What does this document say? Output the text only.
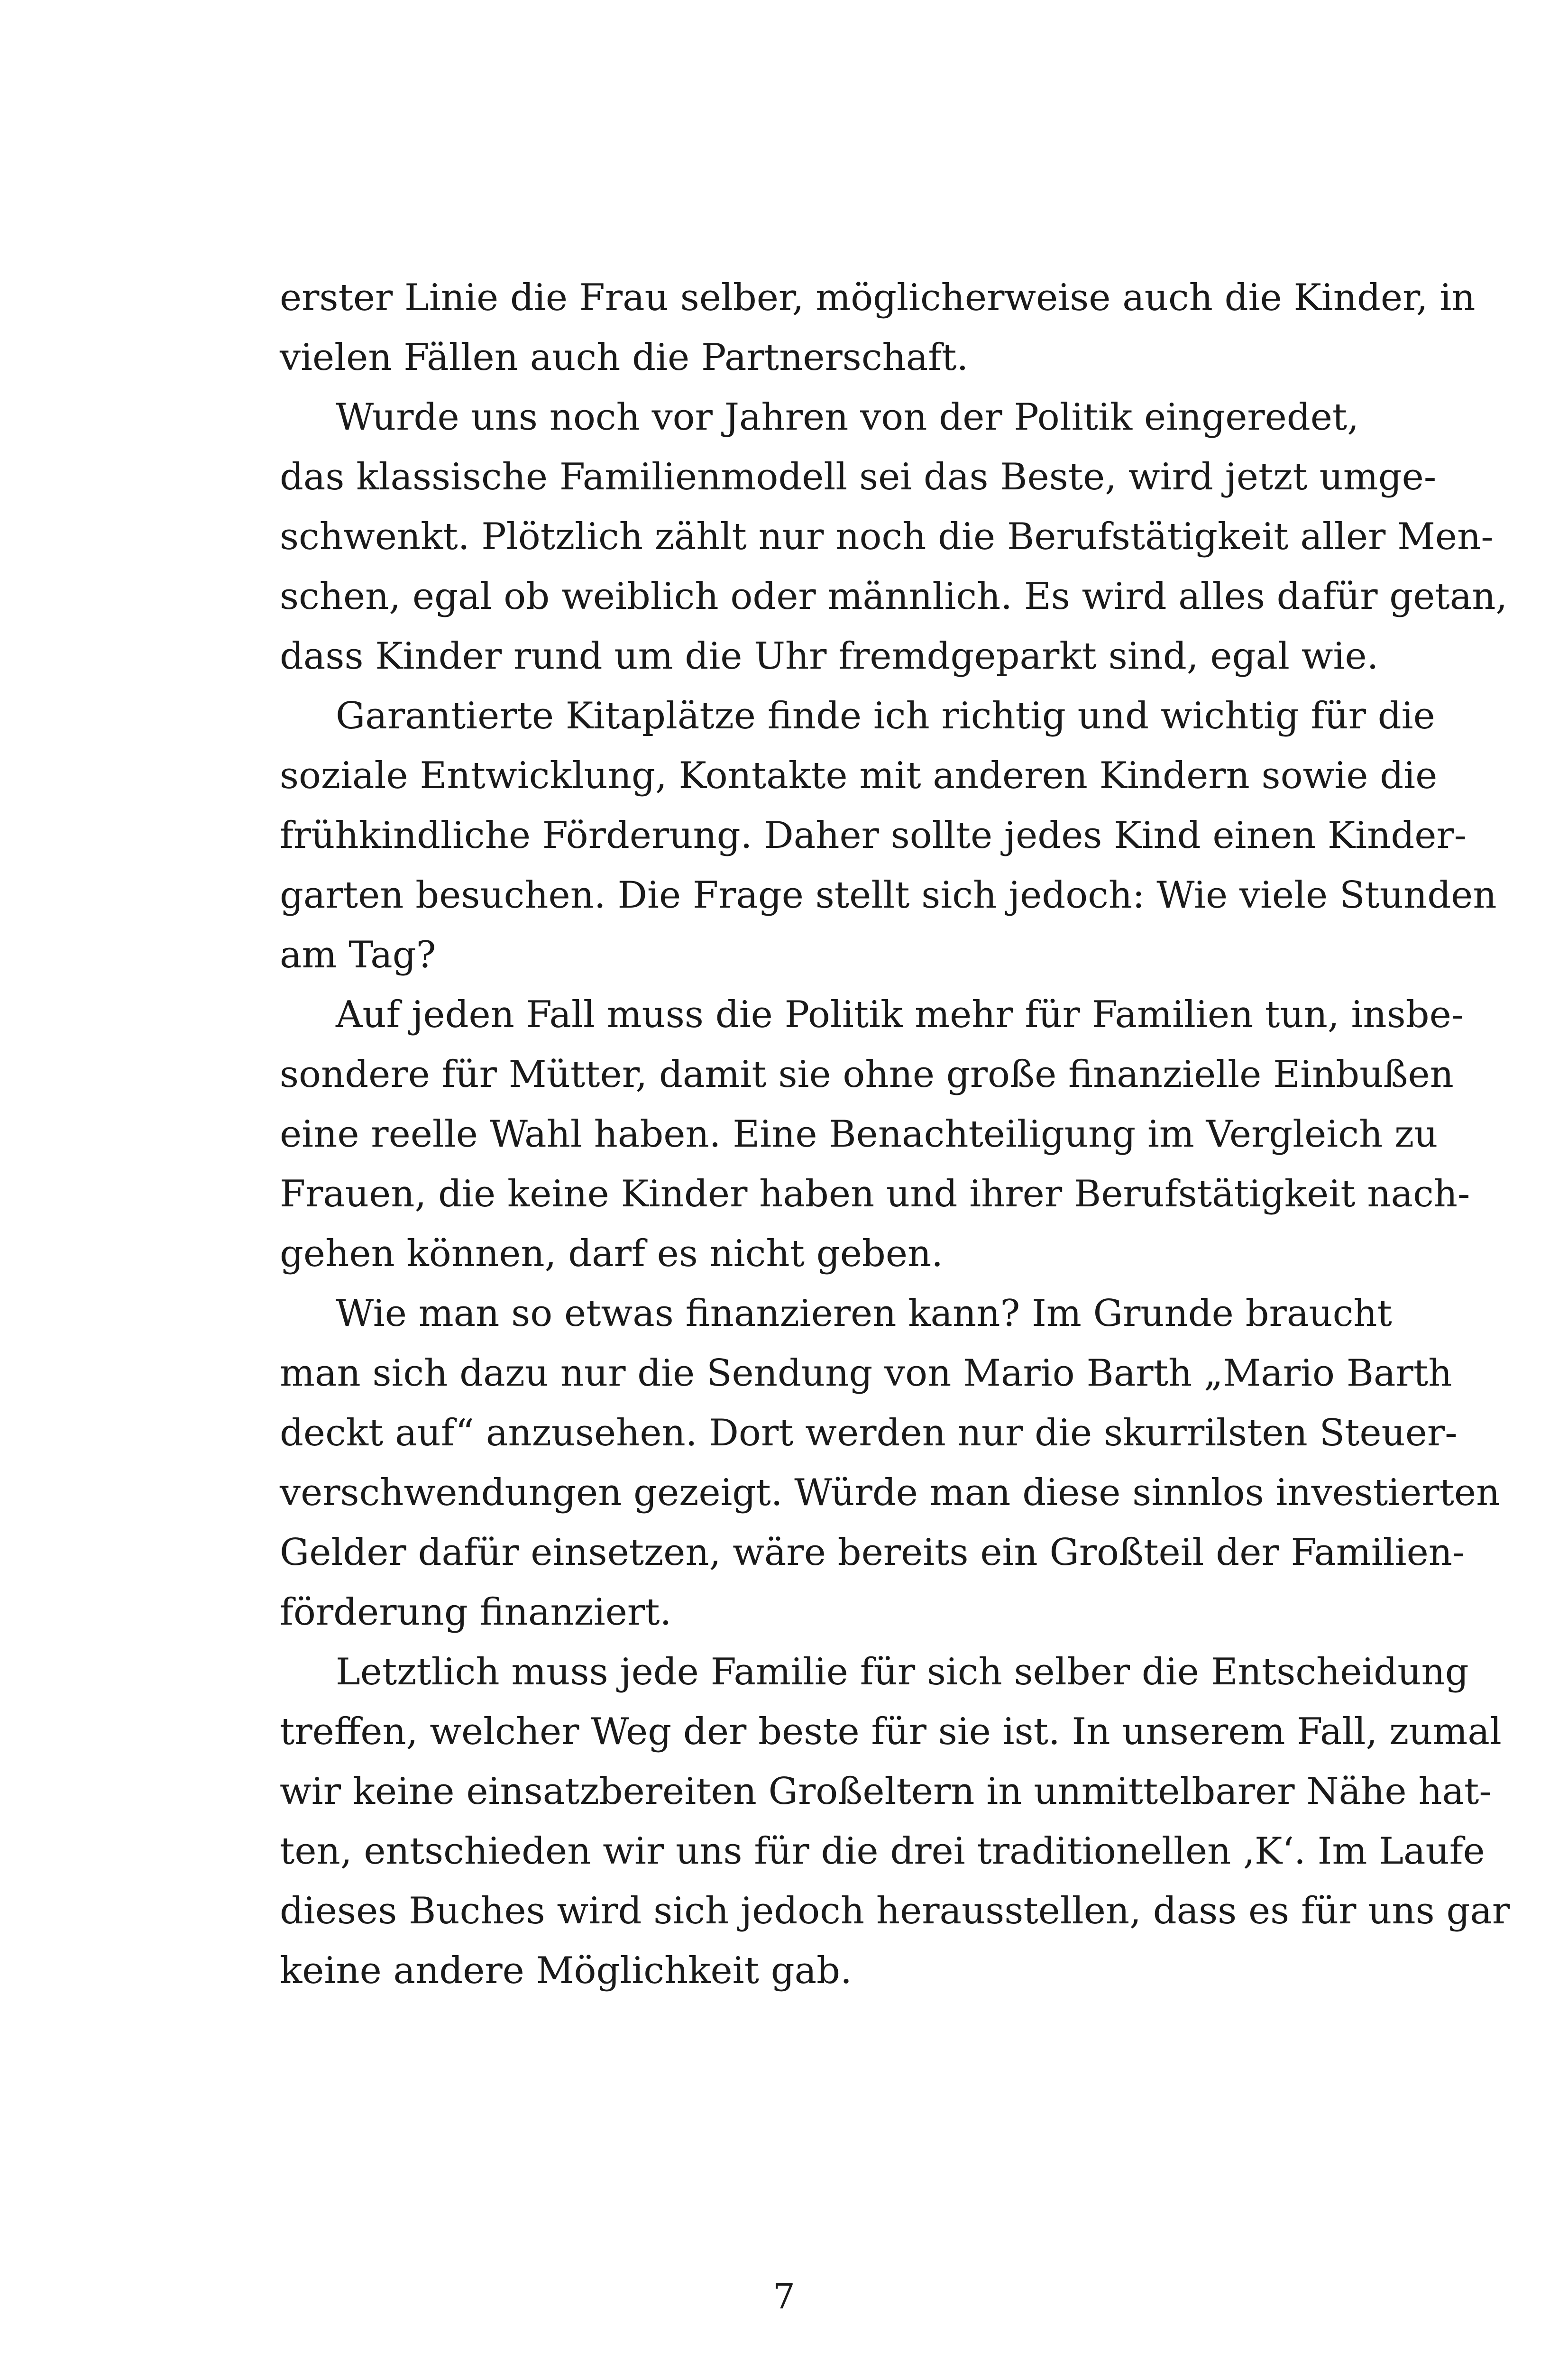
erster Linie die Frau selber, möglicherweise auch die Kinder, in
vielen Fällen auch die Partnerschaft.
Wurde uns noch vor Jahren von der Politik eingeredet,
das klassische Familienmodell sei das Beste, wird jetzt umge-
schwenkt. Plötzlich zählt nur noch die Berufstätigkeit aller Men-
schen, egal ob weiblich oder männlich. Es wird alles dafür getan,
dass Kinder rund um die Uhr fremdgeparkt sind, egal wie.
Garantierte Kitaplätze finde ich richtig und wichtig für die
soziale Entwicklung, Kontakte mit anderen Kindern sowie die
frühkindliche Förderung. Daher sollte jedes Kind einen Kinder-
garten besuchen. Die Frage stellt sich jedoch: Wie viele Stunden
am Tag?
Auf jeden Fall muss die Politik mehr für Familien tun, insbe-
sondere für Mütter, damit sie ohne große finanzielle Einbußen
eine reelle Wahl haben. Eine Benachteiligung im Vergleich zu
Frauen, die keine Kinder haben und ihrer Berufstätigkeit nach-
gehen können, darf es nicht geben.
Wie man so etwas finanzieren kann? Im Grunde braucht
man sich dazu nur die Sendung von Mario Barth „Mario Barth
deckt auf“ anzusehen. Dort werden nur die skurrilsten Steuer-
verschwendungen gezeigt. Würde man diese sinnlos investierten
Gelder dafür einsetzen, wäre bereits ein Großteil der Familien-
förderung finanziert.
Letztlich muss jede Familie für sich selber die Entscheidung
treffen, welcher Weg der beste für sie ist. In unserem Fall, zumal
wir keine einsatzbereiten Großeltern in unmittelbarer Nähe hat-
ten, entschieden wir uns für die drei traditionellen ‚K‘. Im Laufe
dieses Buches wird sich jedoch herausstellen, dass es für uns gar
keine andere Möglichkeit gab.
7
